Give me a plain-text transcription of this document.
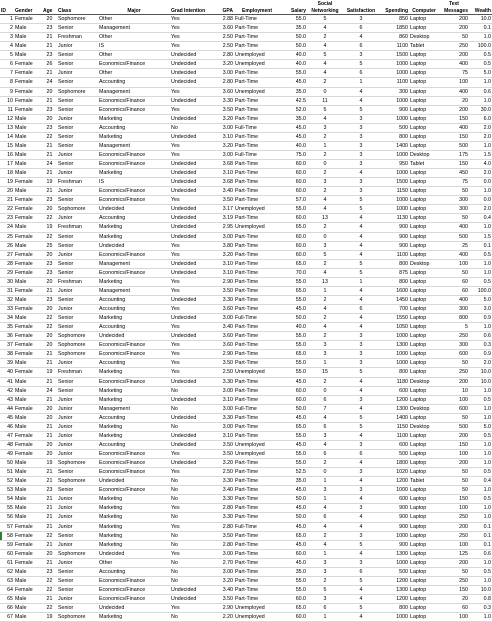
									Social				Text	
ID	Gender	Age	Class	Major	Grad Intention	GPA	Employment	Salary	Networking	Satisfaction	Spending	Computer	Messages	Wealth
1	Female	20	Sophomore	Other	Yes	2.88	Full-Time	55.0	5	3	850	Laptop	200	10.0
2	Male	23	Senior	Management	Yes	3.60	Part-Time	35.0	4	6	1850	Laptop	200	0.1
3	Male	21	Freshman	Other	Yes	2.50	Part-Time	50.0	2	4	860	Desktop	50	1.0
4	Male	21	Junior	IS	Yes	2.50	Part-Time	50.0	4	6	1100	Tablet	250	100.0
5	Male	23	Senior	Other	Undecided	2.80	Unemployed	40.0	5	3	1500	Laptop	200	0.5
6	Female	26	Senior	Economics/Finance	Undecided	3.20	Unemployed	40.0	4	5	1000	Laptop	400	0.5
7	Female	21	Junior	Other	Undecided	3.00	Part-Time	55.0	4	6	1000	Laptop	75	5.0
8	Female	24	Senior	Accounting	Undecided	2.80	Part-Time	45.0	2	1	1100	Laptop	100	1.0
9	Female	20	Sophomore	Management	Yes	3.60	Unemployed	35.0	0	4	300	Laptop	400	0.6
10	Female	21	Senior	Economics/Finance	Undecided	3.30	Part-Time	42.5	11	4	1000	Laptop	20	1.0
11	Female	23	Senior	Economics/Finance	Yes	3.50	Part-Time	52.0	5	5	900	Laptop	200	30.0
12	Male	20	Junior	Marketing	Undecided	3.20	Part-Time	35.0	4	3	1000	Laptop	150	6.0
13	Male	23	Senior	Accounting	No	3.00	Full-Time	45.0	3	3	500	Laptop	400	2.0
14	Male	22	Senior	Marketing	Undecided	3.10	Part-Time	45.0	2	3	800	Laptop	150	2.0
15	Male	21	Senior	Management	Yes	3.20	Part-Time	40.0	1	3	1400	Laptop	500	1.0
16	Male	21	Junior	Economics/Finance	Yes	3.00	Full-Time	75.0	2	3	1000	Desktop	175	1.5
17	Male	24	Senior	Economics/Finance	Undecided	3.68	Part-Time	60.0	0	3	950	Tablet	150	4.0
18	Male	21	Junior	Marketing	Undecided	3.10	Part-Time	60.0	2	4	1000	Laptop	450	2.0
19	Female	19	Freshman	IS	Undecided	3.68	Part-Time	60.0	3	3	1500	Laptop	75	0.0
20	Male	21	Junior	Economics/Finance	Undecided	3.40	Part-Time	60.0	2	3	1150	Laptop	50	1.0
21	Female	23	Senior	Economics/Finance	Yes	3.50	Part-Time	57.0	4	5	1000	Laptop	300	0.0
22	Female	20	Sophomore	Undecided	Undecided	3.17	Unemployed	55.0	4	5	1000	Laptop	300	2.0
23	Female	22	Junior	Accounting	Undecided	3.19	Part-Time	60.0	13	4	1130	Laptop	50	0.4
24	Male	19	Freshman	Marketing	Undecided	2.95	Unemployed	65.0	2	4	900	Laptop	400	1.0
25	Female	22	Senior	Marketing	Undecided	3.00	Part-Time	60.0	0	4	900	Laptop	500	1.5
26	Male	25	Senior	Undecided	Yes	3.80	Part-Time	60.0	3	4	900	Laptop	25	0.1
27	Female	20	Junior	Economics/Finance	Yes	3.20	Part-Time	60.0	5	4	1100	Laptop	400	0.5
28	Female	23	Senior	Management	Undecided	3.10	Part-Time	65.0	2	5	800	Desktop	100	1.0
29	Female	23	Senior	Economics/Finance	Undecided	3.10	Part-Time	70.0	4	5	875	Laptop	50	1.0
30	Male	20	Freshman	Marketing	Yes	2.90	Part-Time	55.0	13	1	800	Laptop	60	0.5
31	Female	21	Junior	Management	Yes	3.50	Part-Time	65.0	1	4	1600	Laptop	60	100.0
32	Male	23	Senior	Accounting	Undecided	3.30	Part-Time	55.0	2	4	1450	Laptop	400	5.0
33	Female	20	Junior	Accounting	Yes	3.60	Part-Time	45.0	4	6	700	Laptop	300	3.0
34	Male	22	Senior	Marketing	Undecided	3.00	Full-Time	50.0	2	4	1550	Laptop	800	0.9
35	Female	22	Senior	Accounting	Yes	3.40	Part-Time	40.0	4	4	1050	Laptop	5	1.0
36	Female	20	Sophomore	Undecided	Undecided	3.60	Part-Time	55.0	2	3	1000	Laptop	250	0.6
37	Female	20	Sophomore	Economics/Finance	Yes	3.60	Part-Time	55.0	3	3	1300	Laptop	300	0.3
38	Female	21	Sophomore	Economics/Finance	Yes	2.90	Part-Time	65.0	3	3	1000	Laptop	600	0.9
39	Male	21	Junior	Accounting	Yes	3.50	Part-Time	55.0	1	3	1000	Laptop	50	2.0
40	Female	19	Freshman	Marketing	Yes	2.50	Unemployed	55.0	15	5	800	Laptop	250	10.0
41	Male	21	Senior	Economics/Finance	Undecided	3.30	Part-Time	45.0	2	4	1180	Desktop	200	10.0
42	Male	24	Senior	Marketing	No	3.00	Part-Time	60.0	0	4	600	Laptop	10	1.0
43	Male	21	Junior	Marketing	Undecided	3.10	Part-Time	60.0	6	3	1200	Laptop	100	0.5
44	Female	20	Junior	Management	No	3.00	Full-Time	50.0	7	4	1300	Desktop	600	1.0
45	Male	20	Junior	Accounting	Undecided	3.30	Part-Time	45.0	4	5	1400	Laptop	50	1.0
46	Male	21	Junior	Marketing	No	3.00	Part-Time	65.0	6	5	1150	Desktop	500	5.0
47	Female	21	Junior	Marketing	Undecided	3.10	Part-Time	55.0	3	4	1100	Laptop	200	0.5
48	Female	20	Junior	Accounting	Undecided	3.50	Unemployed	45.0	4	3	600	Laptop	150	1.0
49	Female	20	Junior	Economics/Finance	Yes	3.50	Unemployed	55.0	6	6	500	Laptop	100	1.0
50	Male	19	Sophomore	Economics/Finance	Undecided	3.20	Part-Time	55.0	2	4	1800	Laptop	200	1.0
51	Male	21	Senior	Economics/Finance	Yes	2.50	Part-Time	52.5	0	3	1020	Laptop	50	0.5
52	Male	21	Sophomore	Undecided	No	3.30	Part-Time	35.0	1	4	1200	Tablet	50	0.4
53	Male	23	Senior	Economics/Finance	No	3.40	Part-Time	45.0	3	3	1000	Laptop	50	1.0
54	Male	21	Junior	Marketing	No	3.30	Part-Time	50.0	1	4	600	Laptop	150	0.5
55	Male	21	Junior	Marketing	Yes	2.80	Part-Time	45.0	4	3	900	Laptop	100	1.0
56	Male	21	Junior	Marketing	No	3.30	Part-Time	50.0	6	4	900	Laptop	250	1.0
57	Female	21	Junior	Marketing	Yes	2.80	Full-Time	45.0	4	4	900	Laptop	200	0.1
58	Female	22	Senior	Marketing	No	3.50	Part-Time	65.0	2	3	1000	Laptop	250	0.1
59	Female	21	Junior	Marketing	No	2.80	Part-Time	45.0	4	5	900	Laptop	100	0.1
60	Female	20	Sophomore	Undecided	Yes	3.00	Part-Time	60.0	1	4	1300	Laptop	125	0.6
61	Female	21	Junior	Other	No	2.70	Part-Time	45.0	3	3	1000	Laptop	200	1.0
62	Male	23	Senior	Accounting	No	3.00	Part-Time	35.0	3	6	500	Laptop	50	0.5
63	Male	22	Senior	Economics/Finance	No	3.20	Part-Time	55.0	2	5	1200	Laptop	250	1.0
64	Female	22	Senior	Economics/Finance	Undecided	3.40	Part-Time	55.0	5	4	1300	Laptop	150	10.0
65	Male	21	Junior	Economics/Finance	Undecided	3.50	Part-Time	60.0	3	4	1200	Laptop	20	0.8
66	Male	22	Senior	Undecided	Yes	2.90	Unemployed	65.0	6	5	800	Laptop	60	0.3
67	Male	19	Sophomore	Marketing	No	2.20	Unemployed	60.0	1	4	1000	Laptop	100	1.0
